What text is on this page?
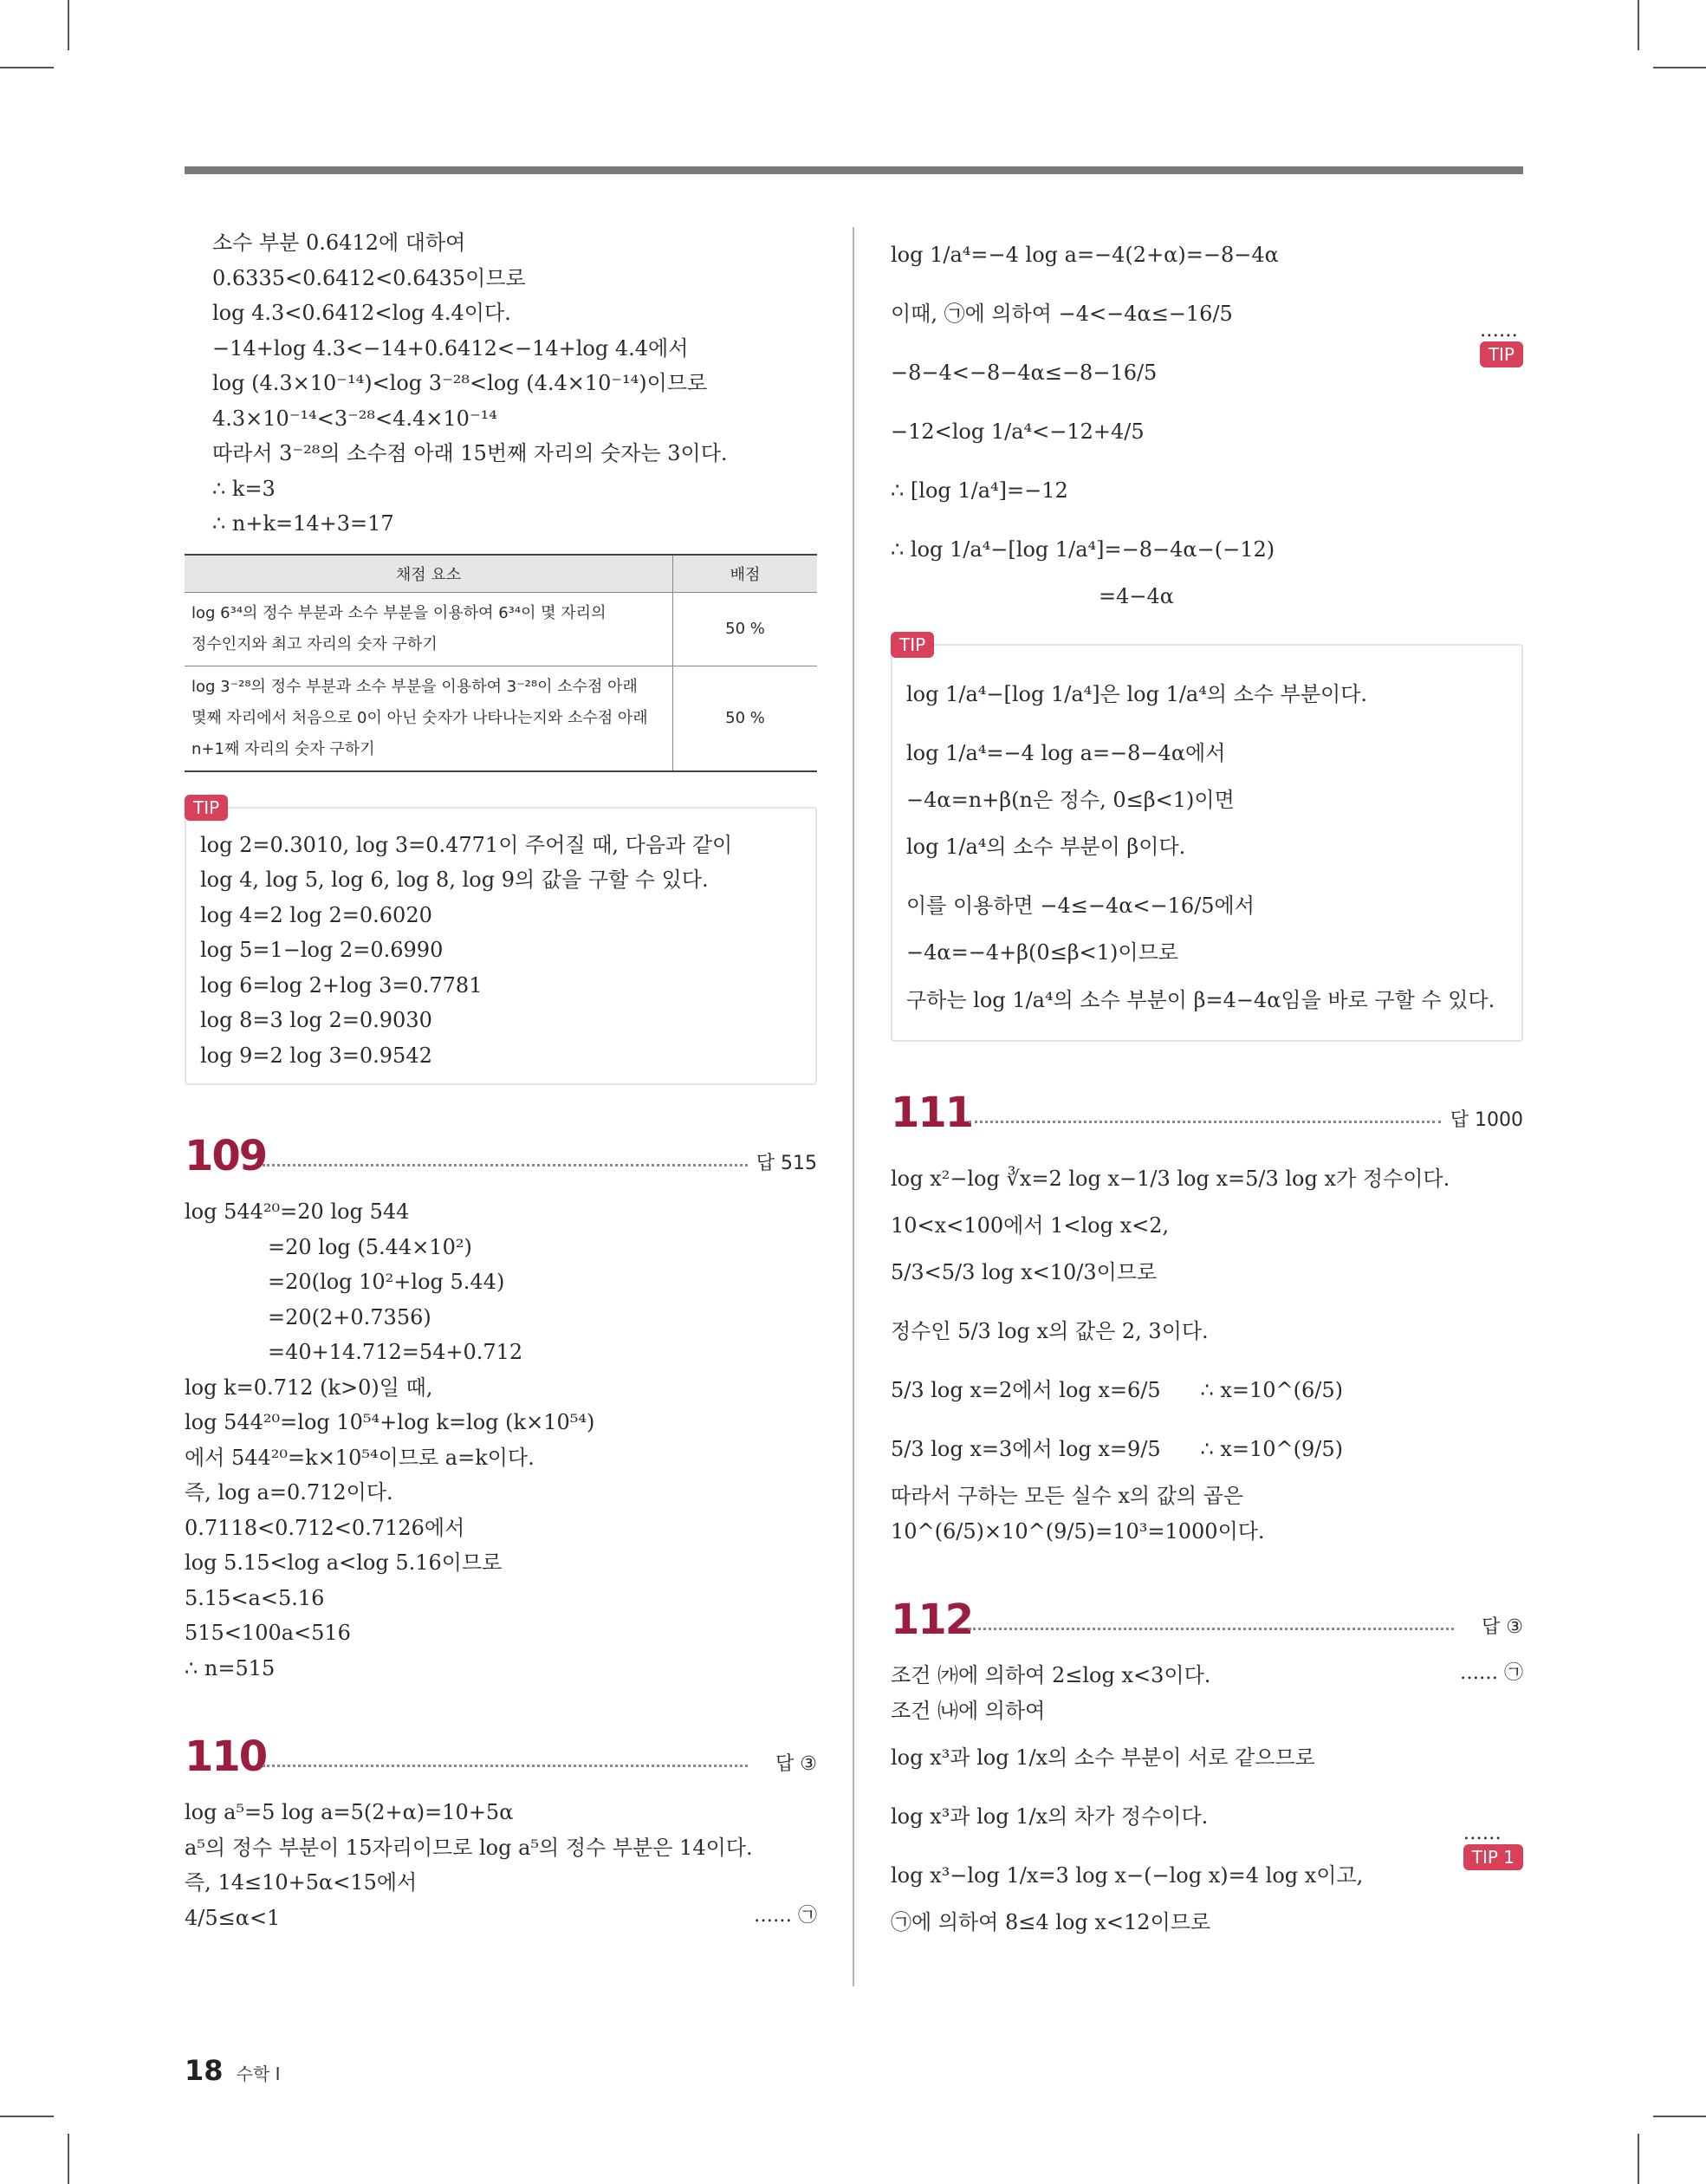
소수 부분 0.6412에 대하여
0.6335<0.6412<0.6435이므로
log 4.3<0.6412<log 4.4이다.
−14+log 4.3<−14+0.6412<−14+log 4.4에서
log (4.3×10⁻¹⁴)<log 3⁻²⁸<log (4.4×10⁻¹⁴)이므로
4.3×10⁻¹⁴<3⁻²⁸<4.4×10⁻¹⁴
따라서 3⁻²⁸의 소수점 아래 15번째 자리의 숫자는 3이다.
∴ k=3
∴ n+k=14+3=17
채점 요소	배점

log 6³⁴의 정수 부분과 소수 부분을 이용하여 6³⁴이 몇 자리의
정수인지와 최고 자리의 숫자 구하기	50 %

log 3⁻²⁸의 정수 부분과 소수 부분을 이용하여 3⁻²⁸이 소수점 아래
몇째 자리에서 처음으로 0이 아닌 숫자가 나타나는지와 소수점 아래
n+1째 자리의 숫자 구하기	50 %
TIP
log 2=0.3010, log 3=0.4771이 주어질 때, 다음과 같이
log 4, log 5, log 6, log 8, log 9의 값을 구할 수 있다.
log 4=2 log 2=0.6020
log 5=1−log 2=0.6990
log 6=log 2+log 3=0.7781
log 8=3 log 2=0.9030
log 9=2 log 3=0.9542
109	답 515
log 544²⁰=20 log 544
=20 log (5.44×10²)
=20(log 10²+log 5.44)
=20(2+0.7356)
=40+14.712=54+0.712
log k=0.712 (k>0)일 때,
log 544²⁰=log 10⁵⁴+log k=log (k×10⁵⁴)
에서 544²⁰=k×10⁵⁴이므로 a=k이다.
즉, log a=0.712이다.
0.7118<0.712<0.7126에서
log 5.15<log a<log 5.16이므로
5.15<a<5.16
515<100a<516
∴ n=515
110	답 ③
log a⁵=5 log a=5(2+α)=10+5α
a⁵의 정수 부분이 15자리이므로 log a⁵의 정수 부분은 14이다.
즉, 14≤10+5α<15에서
4/5≤α<1	…… ㉠
log 1/a⁴=−4 log a=−4(2+α)=−8−4α
이때, ㉠에 의하여 −4<−4α≤−16/5

……
TIP

−8−4<−8−4α≤−8−16/5
−12<log 1/a⁴<−12+4/5
∴ [log 1/a⁴]=−12
∴ log 1/a⁴−[log 1/a⁴]=−8−4α−(−12)
=4−4α
TIP
log 1/a⁴−[log 1/a⁴]은 log 1/a⁴의 소수 부분이다.
log 1/a⁴=−4 log a=−8−4α에서
−4α=n+β(n은 정수, 0≤β<1)이면
log 1/a⁴의 소수 부분이 β이다.
이를 이용하면 −4≤−4α<−16/5에서
−4α=−4+β(0≤β<1)이므로
구하는 log 1/a⁴의 소수 부분이 β=4−4α임을 바로 구할 수 있다.
111	답 1000
log x²−log ∛x=2 log x−1/3 log x=5/3 log x가 정수이다.
10<x<100에서 1<log x<2,
5/3<5/3 log x<10/3이므로
정수인 5/3 log x의 값은 2, 3이다.
5/3 log x=2에서 log x=6/5      ∴ x=10^(6/5)
5/3 log x=3에서 log x=9/5      ∴ x=10^(9/5)
따라서 구하는 모든 실수 x의 값의 곱은
10^(6/5)×10^(9/5)=10³=1000이다.
112	답 ③
조건 ㈎에 의하여 2≤log x<3이다.	…… ㉠
조건 ㈏에 의하여
log x³과 log 1/x의 소수 부분이 서로 같으므로
log x³과 log 1/x의 차가 정수이다.

……
TIP 1

log x³−log 1/x=3 log x−(−log x)=4 log x이고,
㉠에 의하여 8≤4 log x<12이므로
18 수학 I
